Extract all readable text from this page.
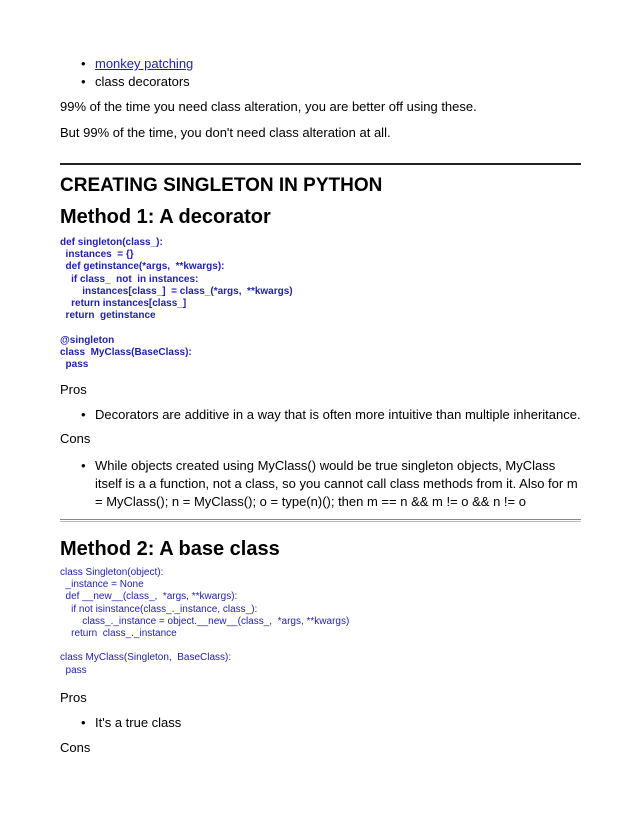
• monkey patching
• class decorators
99% of the time you need class alteration, you are better off using these.
But 99% of the time, you don't need class alteration at all.
CREATING SINGLETON IN PYTHON
Method 1: A decorator
def singleton(class_):
instances  = {}
def getinstance(*args,  **kwargs):
if class_  not  in instances:
instances[class_]  = class_(*args,  **kwargs)
return instances[class_]
return  getinstance

@singleton
class  MyClass(BaseClass):
pass
Pros
• Decorators are additive in a way that is often more intuitive than multiple inheritance.
Cons
• While objects created using MyClass() would be true singleton objects, MyClass itself is a a function, not a class, so you cannot call class methods from it. Also for m = MyClass(); n = MyClass(); o = type(n)(); then m == n && m != o && n != o
Method 2: A base class
class Singleton(object):
_instance = None
def __new__(class_,  *args, **kwargs):
if not isinstance(class_._instance, class_):
class_._instance = object.__new__(class_,  *args, **kwargs)
return  class_._instance

class MyClass(Singleton,  BaseClass):
pass
Pros
• It's a true class
Cons
